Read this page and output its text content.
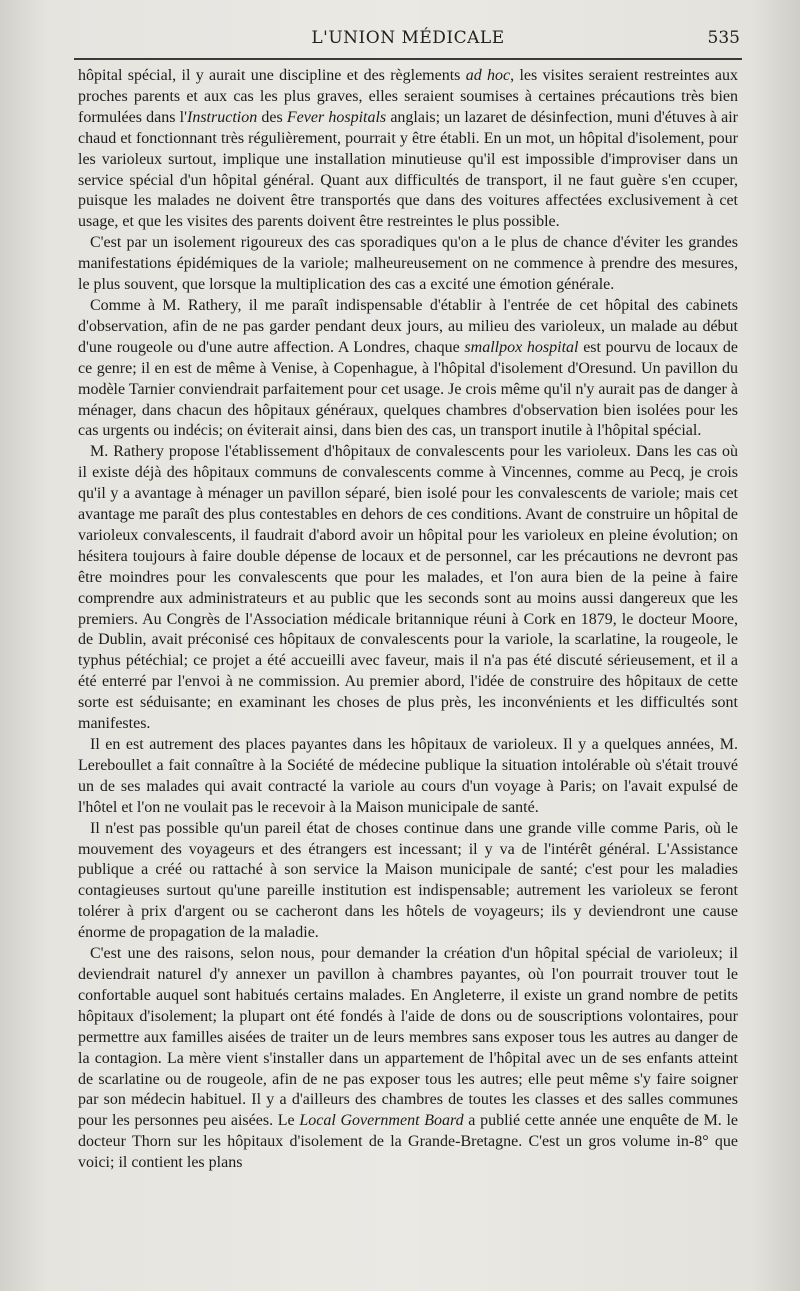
L'UNION MÉDICALE	535

hôpital spécial, il y aurait une discipline et des règlements ad hoc, les visites seraient restreintes aux proches parents et aux cas les plus graves, elles seraient soumises à certaines précautions très bien formulées dans l'Instruction des Fever hospitals anglais; un lazaret de désinfection, muni d'étuves à air chaud et fonctionnant très régulièrement, pourrait y être établi. En un mot, un hôpital d'isolement, pour les varioleux surtout, implique une installation minutieuse qu'il est impossible d'improviser dans un service spécial d'un hôpital général. Quant aux difficultés de transport, il ne faut guère s'en ccuper, puisque les malades ne doivent être transportés que dans des voitures affectées exclusivement à cet usage, et que les visites des parents doivent être restreintes le plus possible.

C'est par un isolement rigoureux des cas sporadiques qu'on a le plus de chance d'éviter les grandes manifestations épidémiques de la variole; malheureusement on ne commence à prendre des mesures, le plus souvent, que lorsque la multiplication des cas a excité une émotion générale.

Comme à M. Rathery, il me paraît indispensable d'établir à l'entrée de cet hôpital des cabinets d'observation, afin de ne pas garder pendant deux jours, au milieu des varioleux, un malade au début d'une rougeole ou d'une autre affection. A Londres, chaque smallpox hospital est pourvu de locaux de ce genre; il en est de même à Venise, à Copenhague, à l'hôpital d'isolement d'Oresund. Un pavillon du modèle Tarnier conviendrait parfaitement pour cet usage. Je crois même qu'il n'y aurait pas de danger à ménager, dans chacun des hôpitaux généraux, quelques chambres d'observation bien isolées pour les cas urgents ou indécis; on éviterait ainsi, dans bien des cas, un transport inutile à l'hôpital spécial.

M. Rathery propose l'établissement d'hôpitaux de convalescents pour les varioleux. Dans les cas où il existe déjà des hôpitaux communs de convalescents comme à Vincennes, comme au Pecq, je crois qu'il y a avantage à ménager un pavillon séparé, bien isolé pour les convalescents de variole; mais cet avantage me paraît des plus contestables en dehors de ces conditions. Avant de construire un hôpital de varioleux convalescents, il faudrait d'abord avoir un hôpital pour les varioleux en pleine évolution; on hésitera toujours à faire double dépense de locaux et de personnel, car les précautions ne devront pas être moindres pour les convalescents que pour les malades, et l'on aura bien de la peine à faire comprendre aux administrateurs et au public que les seconds sont au moins aussi dangereux que les premiers. Au Congrès de l'Association médicale britannique réuni à Cork en 1879, le docteur Moore, de Dublin, avait préconisé ces hôpitaux de convalescents pour la variole, la scarlatine, la rougeole, le typhus pétéchial; ce projet a été accueilli avec faveur, mais il n'a pas été discuté sérieusement, et il a été enterré par l'envoi à ne commission. Au premier abord, l'idée de construire des hôpitaux de cette sorte est séduisante; en examinant les choses de plus près, les inconvénients et les difficultés sont manifestes.

Il en est autrement des places payantes dans les hôpitaux de varioleux. Il y a quelques années, M. Lereboullet a fait connaître à la Société de médecine publique la situation intolérable où s'était trouvé un de ses malades qui avait contracté la variole au cours d'un voyage à Paris; on l'avait expulsé de l'hôtel et l'on ne voulait pas le recevoir à la Maison municipale de santé.

Il n'est pas possible qu'un pareil état de choses continue dans une grande ville comme Paris, où le mouvement des voyageurs et des étrangers est incessant; il y va de l'intérêt général. L'Assistance publique a créé ou rattaché à son service la Maison municipale de santé; c'est pour les maladies contagieuses surtout qu'une pareille institution est indispensable; autrement les varioleux se feront tolérer à prix d'argent ou se cacheront dans les hôtels de voyageurs; ils y deviendront une cause énorme de propagation de la maladie.

C'est une des raisons, selon nous, pour demander la création d'un hôpital spécial de varioleux; il deviendrait naturel d'y annexer un pavillon à chambres payantes, où l'on pourrait trouver tout le confortable auquel sont habitués certains malades. En Angleterre, il existe un grand nombre de petits hôpitaux d'isolement; la plupart ont été fondés à l'aide de dons ou de souscriptions volontaires, pour permettre aux familles aisées de traiter un de leurs membres sans exposer tous les autres au danger de la contagion. La mère vient s'installer dans un appartement de l'hôpital avec un de ses enfants atteint de scarlatine ou de rougeole, afin de ne pas exposer tous les autres; elle peut même s'y faire soigner par son médecin habituel. Il y a d'ailleurs des chambres de toutes les classes et des salles communes pour les personnes peu aisées. Le Local Government Board a publié cette année une enquête de M. le docteur Thorn sur les hôpitaux d'isolement de la Grande-Bretagne. C'est un gros volume in-8° que voici; il contient les plans
